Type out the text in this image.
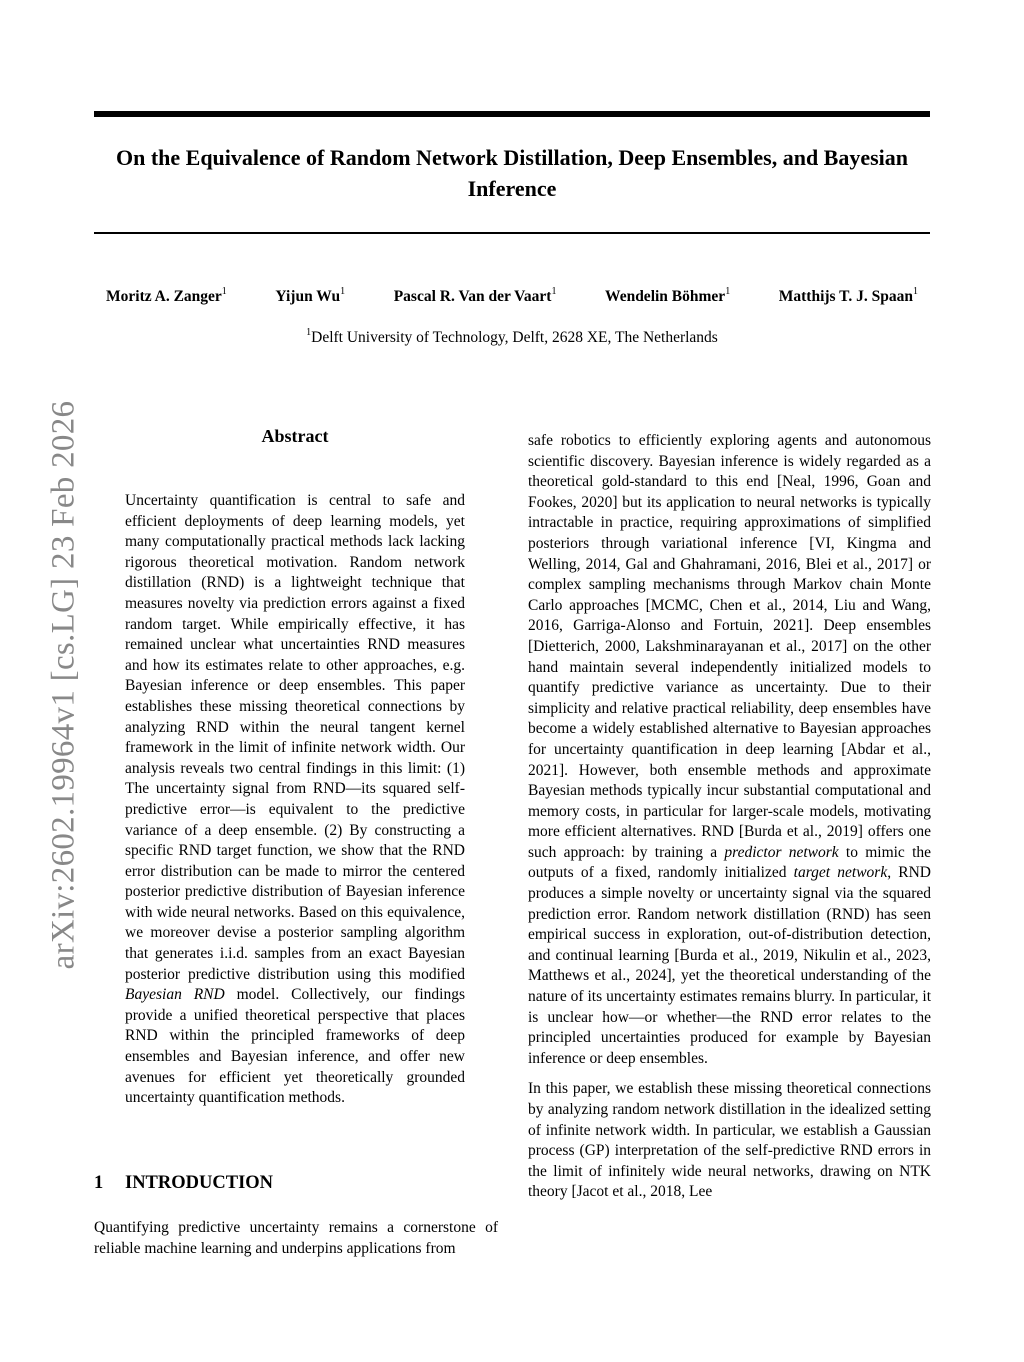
On the Equivalence of Random Network Distillation, Deep Ensembles, and Bayesian Inference
Moritz A. Zanger$^1$	Yijun Wu$^1$	Pascal R. Van der Vaart$^1$	Wendelin Böhmer$^1$	Matthijs T. J. Spaan$^1$
$^1$Delft University of Technology, Delft, 2628 XE, The Netherlands
arXiv:2602.19964v1 [cs.LG] 23 Feb 2026	Abstract
Uncertainty quantification is central to safe and efficient deployments of deep learning models, yet many computationally practical methods lack lacking rigorous theoretical motivation. Random network distillation (RND) is a lightweight technique that measures novelty via prediction errors against a fixed random target. While empirically effective, it has remained unclear what uncertainties RND measures and how its estimates relate to other approaches, e.g. Bayesian inference or deep ensembles. This paper establishes these missing theoretical connections by analyzing RND within the neural tangent kernel framework in the limit of infinite network width. Our analysis reveals two central findings in this limit: (1) The uncertainty signal from RND—its squared self-predictive error—is equivalent to the predictive variance of a deep ensemble. (2) By constructing a specific RND target function, we show that the RND error distribution can be made to mirror the centered posterior predictive distribution of Bayesian inference with wide neural networks. Based on this equivalence, we moreover devise a posterior sampling algorithm that generates i.i.d. samples from an exact Bayesian posterior predictive distribution using this modified Bayesian RND model. Collectively, our findings provide a unified theoretical perspective that places RND within the principled frameworks of deep ensembles and Bayesian inference, and offer new avenues for efficient yet theoretically grounded uncertainty quantification methods.
1 INTRODUCTION
Quantifying predictive uncertainty remains a cornerstone of reliable machine learning and underpins applications from

safe robotics to efficiently exploring agents and autonomous scientific discovery. Bayesian inference is widely regarded as a theoretical gold-standard to this end [Neal, 1996, Goan and Fookes, 2020] but its application to neural networks is typically intractable in practice, requiring approximations of simplified posteriors through variational inference [VI, Kingma and Welling, 2014, Gal and Ghahramani, 2016, Blei et al., 2017] or complex sampling mechanisms through Markov chain Monte Carlo approaches [MCMC, Chen et al., 2014, Liu and Wang, 2016, Garriga-Alonso and Fortuin, 2021]. Deep ensembles [Dietterich, 2000, Lakshminarayanan et al., 2017] on the other hand maintain several independently initialized models to quantify predictive variance as uncertainty. Due to their simplicity and relative practical reliability, deep ensembles have become a widely established alternative to Bayesian approaches for uncertainty quantification in deep learning [Abdar et al., 2021]. However, both ensemble methods and approximate Bayesian methods typically incur substantial computational and memory costs, in particular for larger-scale models, motivating more efficient alternatives. RND [Burda et al., 2019] offers one such approach: by training a predictor network to mimic the outputs of a fixed, randomly initialized target network, RND produces a simple novelty or uncertainty signal via the squared prediction error. Random network distillation (RND) has seen empirical success in exploration, out-of-distribution detection, and continual learning [Burda et al., 2019, Nikulin et al., 2023, Matthews et al., 2024], yet the theoretical understanding of the nature of its uncertainty estimates remains blurry. In particular, it is unclear how—or whether—the RND error relates to the principled uncertainties produced for example by Bayesian inference or deep ensembles.

In this paper, we establish these missing theoretical connections by analyzing random network distillation in the idealized setting of infinite network width. In particular, we establish a Gaussian process (GP) interpretation of the self-predictive RND errors in the limit of infinitely wide neural networks, drawing on NTK theory [Jacot et al., 2018, Lee
